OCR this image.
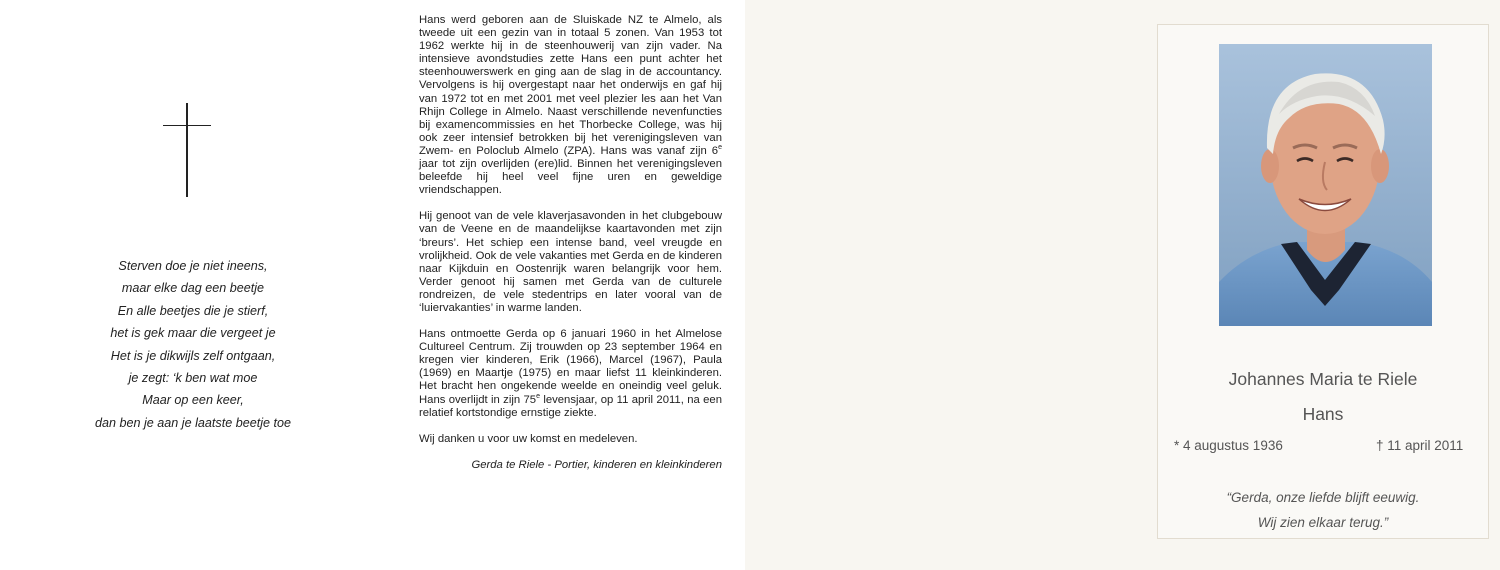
Sterven doe je niet ineens,
maar elke dag een beetje
En alle beetjes die je stierf,
het is gek maar die vergeet je
Het is je dikwijls zelf ontgaan,
je zegt: ‘k ben wat moe
Maar op een keer,
dan ben je aan je laatste beetje toe

Hans werd geboren aan de Sluiskade NZ te Almelo, als tweede uit een gezin van in totaal 5 zonen. Van 1953 tot 1962 werkte hij in de steenhouwerij van zijn vader. Na intensieve avondstudies zette Hans een punt achter het steenhouwerswerk en ging aan de slag in de accountancy. Vervolgens is hij overgestapt naar het onderwijs en gaf hij van 1972 tot en met 2001 met veel plezier les aan het Van Rhijn College in Almelo. Naast verschillende nevenfuncties bij examencommissies en het Thorbecke College, was hij ook zeer intensief betrokken bij het verenigingsleven van Zwem- en Poloclub Almelo (ZPA). Hans was vanaf zijn 6e jaar tot zijn overlijden (ere)lid. Binnen het verenigingsleven beleefde hij heel veel fijne uren en geweldige vriendschappen.

Hij genoot van de vele klaverjasavonden in het clubgebouw van de Veene en de maandelijkse kaartavonden met zijn ‘breurs’. Het schiep een intense band, veel vreugde en vrolijkheid. Ook de vele vakanties met Gerda en de kinderen naar Kijkduin en Oostenrijk waren belangrijk voor hem. Verder genoot hij samen met Gerda van de culturele rondreizen, de vele stedentrips en later vooral van de ‘luiervakanties’ in warme landen.

Hans ontmoette Gerda op 6 januari 1960 in het Almelose Cultureel Centrum. Zij trouwden op 23 september 1964 en kregen vier kinderen, Erik (1966), Marcel (1967), Paula (1969) en Maartje (1975) en maar liefst 11 kleinkinderen. Het bracht hen ongekende weelde en oneindig veel geluk. Hans overlijdt in zijn 75e levensjaar, op 11 april 2011, na een relatief kortstondige ernstige ziekte.

Wij danken u voor uw komst en medeleven.

Gerda te Riele - Portier, kinderen en kleinkinderen
Johannes Maria te Riele
Hans
* 4 augustus 1936	† 11 april 2011
“Gerda, onze liefde blijft eeuwig.
Wij zien elkaar terug.”
